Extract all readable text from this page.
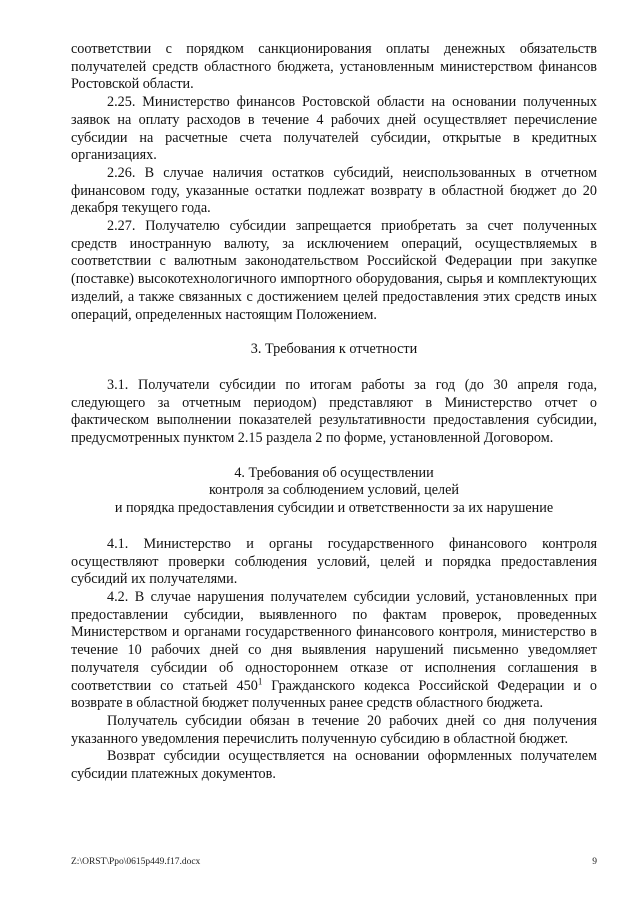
соответствии с порядком санкционирования оплаты денежных обязательств получателей средств областного бюджета, установленным министерством финансов Ростовской области.

2.25. Министерство финансов Ростовской области на основании полученных заявок на оплату расходов в течение 4 рабочих дней осуществляет перечисление субсидии на расчетные счета получателей субсидии, открытые в кредитных организациях.

2.26. В случае наличия остатков субсидий, неиспользованных в отчетном финансовом году, указанные остатки подлежат возврату в областной бюджет до 20 декабря текущего года.

2.27. Получателю субсидии запрещается приобретать за счет полученных средств иностранную валюту, за исключением операций, осуществляемых в соответствии с валютным законодательством Российской Федерации при закупке (поставке) высокотехнологичного импортного оборудования, сырья и комплектующих изделий, а также связанных с достижением целей предоставления этих средств иных операций, определенных настоящим Положением.

3. Требования к отчетности

3.1. Получатели субсидии по итогам работы за год (до 30 апреля года, следующего за отчетным периодом) представляют в Министерство отчет о фактическом выполнении показателей результативности предоставления субсидии, предусмотренных пунктом 2.15 раздела 2 по форме, установленной Договором.

4. Требования об осуществлении

контроля за соблюдением условий, целей

и порядка предоставления субсидии и ответственности за их нарушение

4.1. Министерство и органы государственного финансового контроля осуществляют проверки соблюдения условий, целей и порядка предоставления субсидий их получателями.

4.2. В случае нарушения получателем субсидии условий, установленных при предоставлении субсидии, выявленного по фактам проверок, проведенных Министерством и органами государственного финансового контроля, министерство в течение 10 рабочих дней со дня выявления нарушений письменно уведомляет получателя субсидии об одностороннем отказе от исполнения соглашения в соответствии со статьей $450^1$ Гражданского кодекса Российской Федерации и о возврате в областной бюджет полученных ранее средств областного бюджета.

Получатель субсидии обязан в течение 20 рабочих дней со дня получения указанного уведомления перечислить полученную субсидию в областной бюджет.

Возврат субсидии осуществляется на основании оформленных получателем субсидии платежных документов.

Z:\ORST\Ppo\0615p449.f17.docx	9
